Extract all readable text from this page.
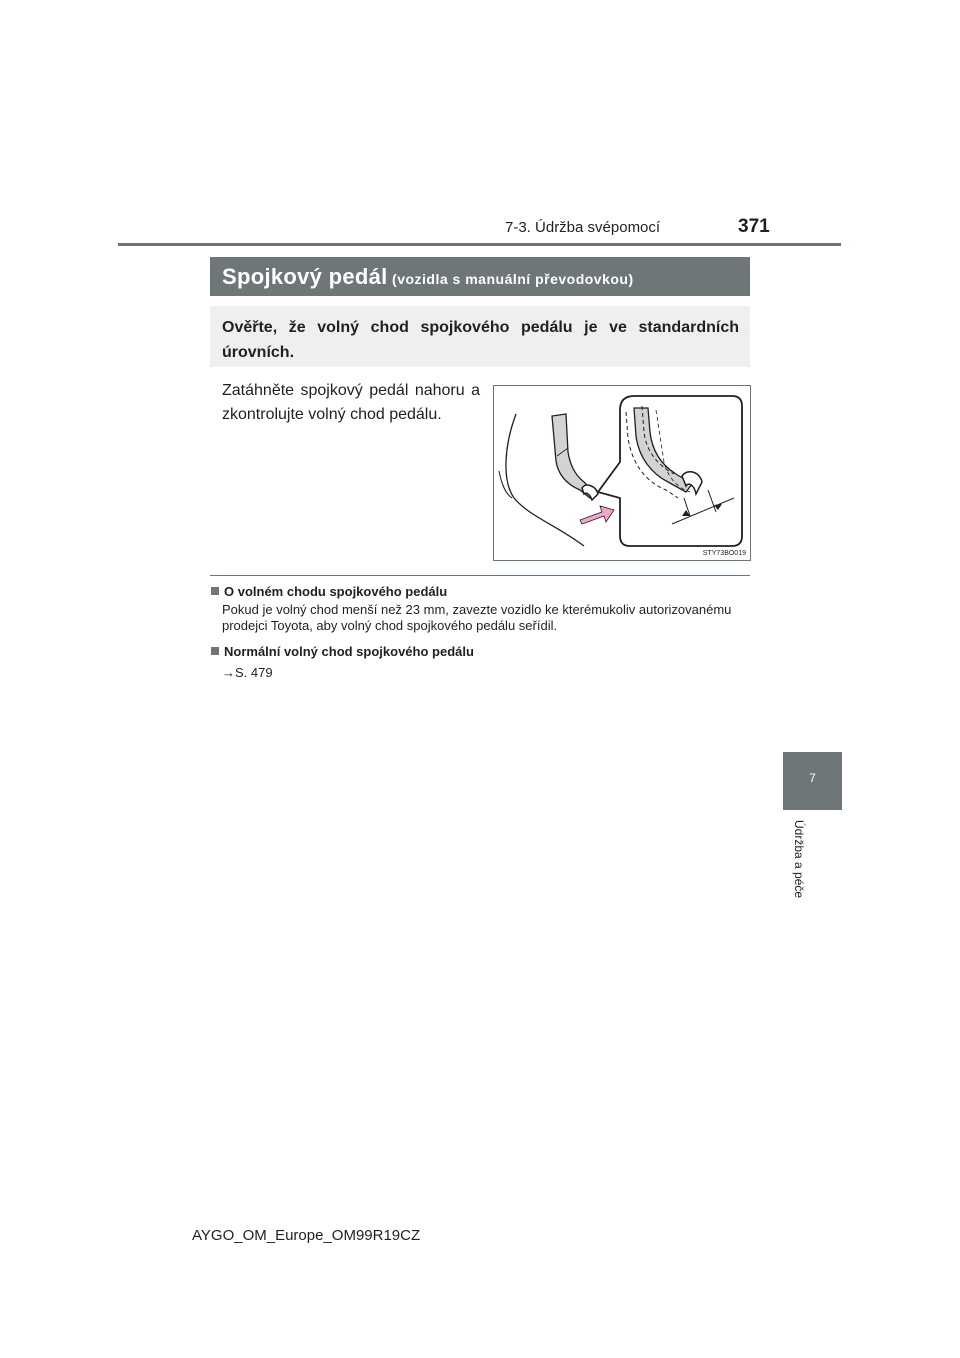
7-3. Údržba svépomocí	371
Spojkový pedál (vozidla s manuální převodovkou)
Ověřte, že volný chod spojkového pedálu je ve standardních úrovních.
Zatáhněte spojkový pedál nahoru a zkontrolujte volný chod pedálu.
STY73BO019
O volném chodu spojkového pedálu
Pokud je volný chod menší než 23 mm, zavezte vozidlo ke kterémukoliv autorizovanému prodejci Toyota, aby volný chod spojkového pedálu seřídil.
Normální volný chod spojkového pedálu
→S. 479
7
Údržba a péče
AYGO_OM_Europe_OM99R19CZ
